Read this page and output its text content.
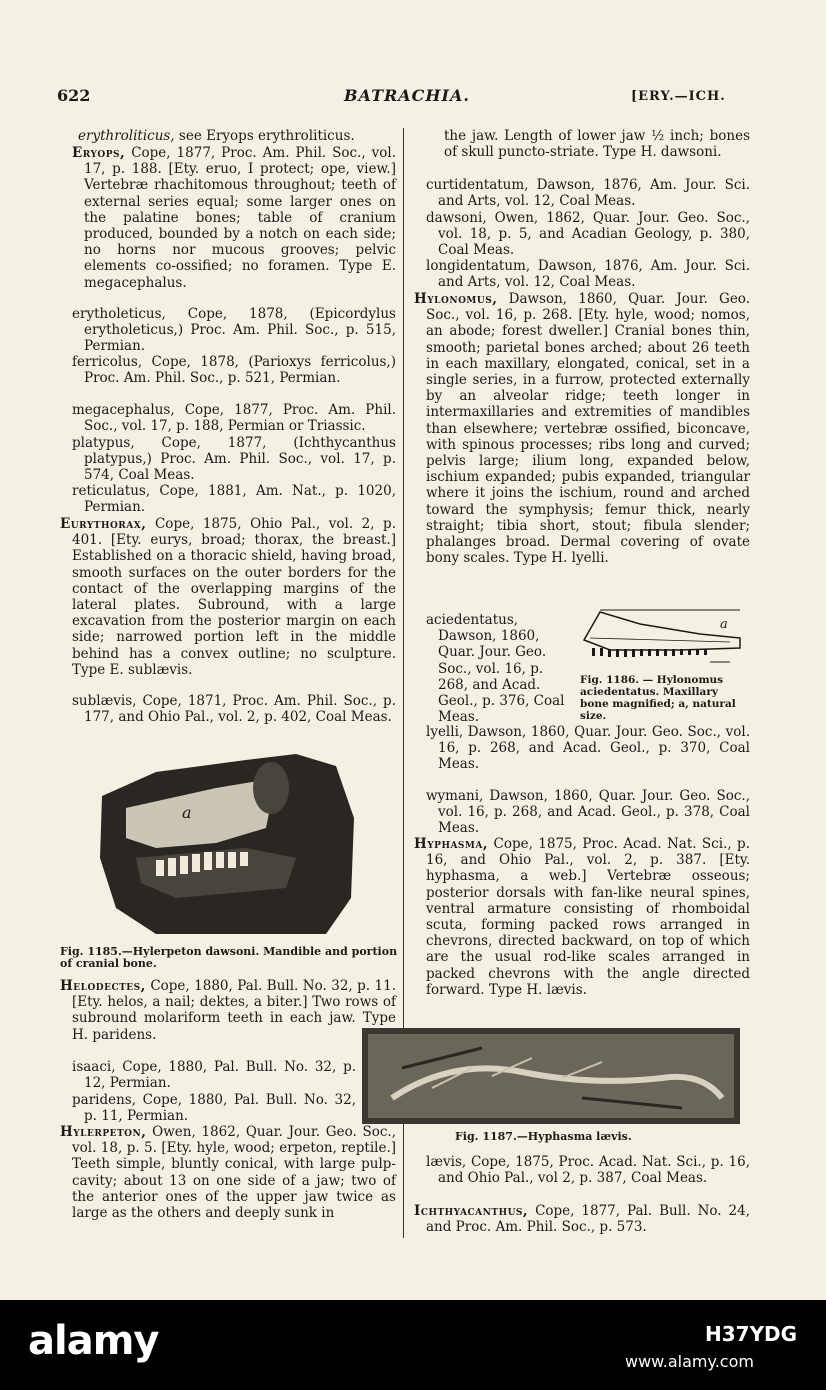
622	BATRACHIA.	[ERY.—ICH.

erythroliticus, see Eryops erythroliticus.

Eryops, Cope, 1877, Proc. Am. Phil. Soc., vol. 17, p. 188. [Ety. eruo, I protect; ope, view.] Vertebræ rhachitomous throughout; teeth of external series equal; some larger ones on the palatine bones; table of cranium produced, bounded by a notch on each side; no horns nor mucous grooves; pelvic elements co-ossified; no foramen. Type E. megacephalus.

erytholeticus, Cope, 1878, (Epicordylus erytholeticus,) Proc. Am. Phil. Soc., p. 515, Permian.

ferricolus, Cope, 1878, (Parioxys ferricolus,) Proc. Am. Phil. Soc., p. 521, Permian.

megacephalus, Cope, 1877, Proc. Am. Phil. Soc., vol. 17, p. 188, Permian or Triassic.

platypus, Cope, 1877, (Ichthycanthus platypus,) Proc. Am. Phil. Soc., vol. 17, p. 574, Coal Meas.

reticulatus, Cope, 1881, Am. Nat., p. 1020, Permian.

Eurythorax, Cope, 1875, Ohio Pal., vol. 2, p. 401. [Ety. eurys, broad; thorax, the breast.] Established on a thoracic shield, having broad, smooth surfaces on the outer borders for the contact of the overlapping margins of the lateral plates. Subround, with a large excavation from the posterior margin on each side; narrowed portion left in the middle behind has a convex outline; no sculpture. Type E. sublævis.

sublævis, Cope, 1871, Proc. Am. Phil. Soc., p. 177, and Ohio Pal., vol. 2, p. 402, Coal Meas.

a
Fig. 1185.—Hylerpeton dawsoni. Mandible and portion of cranial bone.

Helodectes, Cope, 1880, Pal. Bull. No. 32, p. 11. [Ety. helos, a nail; dektes, a biter.] Two rows of subround molariform teeth in each jaw. Type H. paridens.

isaaci, Cope, 1880, Pal. Bull. No. 32, p. 12, Permian.

paridens, Cope, 1880, Pal. Bull. No. 32, p. 11, Permian.

Hylerpeton, Owen, 1862, Quar. Jour. Geo. Soc., vol. 18, p. 5. [Ety. hyle, wood; erpeton, reptile.] Teeth simple, bluntly conical, with large pulp-cavity; about 13 on one side of a jaw; two of the anterior ones of the upper jaw twice as large as the others and deeply sunk in

the jaw. Length of lower jaw ½ inch; bones of skull puncto-striate. Type H. dawsoni.

curtidentatum, Dawson, 1876, Am. Jour. Sci. and Arts, vol. 12, Coal Meas.

dawsoni, Owen, 1862, Quar. Jour. Geo. Soc., vol. 18, p. 5, and Acadian Geology, p. 380, Coal Meas.

longidentatum, Dawson, 1876, Am. Jour. Sci. and Arts, vol. 12, Coal Meas.

Hylonomus, Dawson, 1860, Quar. Jour. Geo. Soc., vol. 16, p. 268. [Ety. hyle, wood; nomos, an abode; forest dweller.] Cranial bones thin, smooth; parietal bones arched; about 26 teeth in each maxillary, elongated, conical, set in a single series, in a furrow, protected externally by an alveolar ridge; teeth longer in intermaxillaries and extremities of mandibles than elsewhere; vertebræ ossified, biconcave, with spinous processes; ribs long and curved; pelvis large; ilium long, expanded below, ischium expanded; pubis expanded, triangular where it joins the ischium, round and arched toward the symphysis; femur thick, nearly straight; tibia short, stout; fibula slender; phalanges broad. Dermal covering of ovate bony scales. Type H. lyelli.

aciedentatus, Dawson, 1860, Quar. Jour. Geo. Soc., vol. 16, p. 268, and Acad. Geol., p. 376, Coal Meas.

a
Fig. 1186. — Hylonomus aciedentatus. Maxillary bone magnified; a, natural size.

lyelli, Dawson, 1860, Quar. Jour. Geo. Soc., vol. 16, p. 268, and Acad. Geol., p. 370, Coal Meas.

wymani, Dawson, 1860, Quar. Jour. Geo. Soc., vol. 16, p. 268, and Acad. Geol., p. 378, Coal Meas.

Hyphasma, Cope, 1875, Proc. Acad. Nat. Sci., p. 16, and Ohio Pal., vol. 2, p. 387. [Ety. hyphasma, a web.] Vertebræ osseous; posterior dorsals with fan-like neural spines, ventral armature consisting of rhomboidal scuta, forming packed rows arranged in chevrons, directed backward, on top of which are the usual rod-like scales arranged in packed chevrons with the angle directed forward. Type H. lævis.

Fig. 1187.—Hyphasma lævis.

lævis, Cope, 1875, Proc. Acad. Nat. Sci., p. 16, and Ohio Pal., vol 2, p. 387, Coal Meas.

Ichthyacanthus, Cope, 1877, Pal. Bull. No. 24, and Proc. Am. Phil. Soc., p. 573.

alamy	H37YDG
www.alamy.com
